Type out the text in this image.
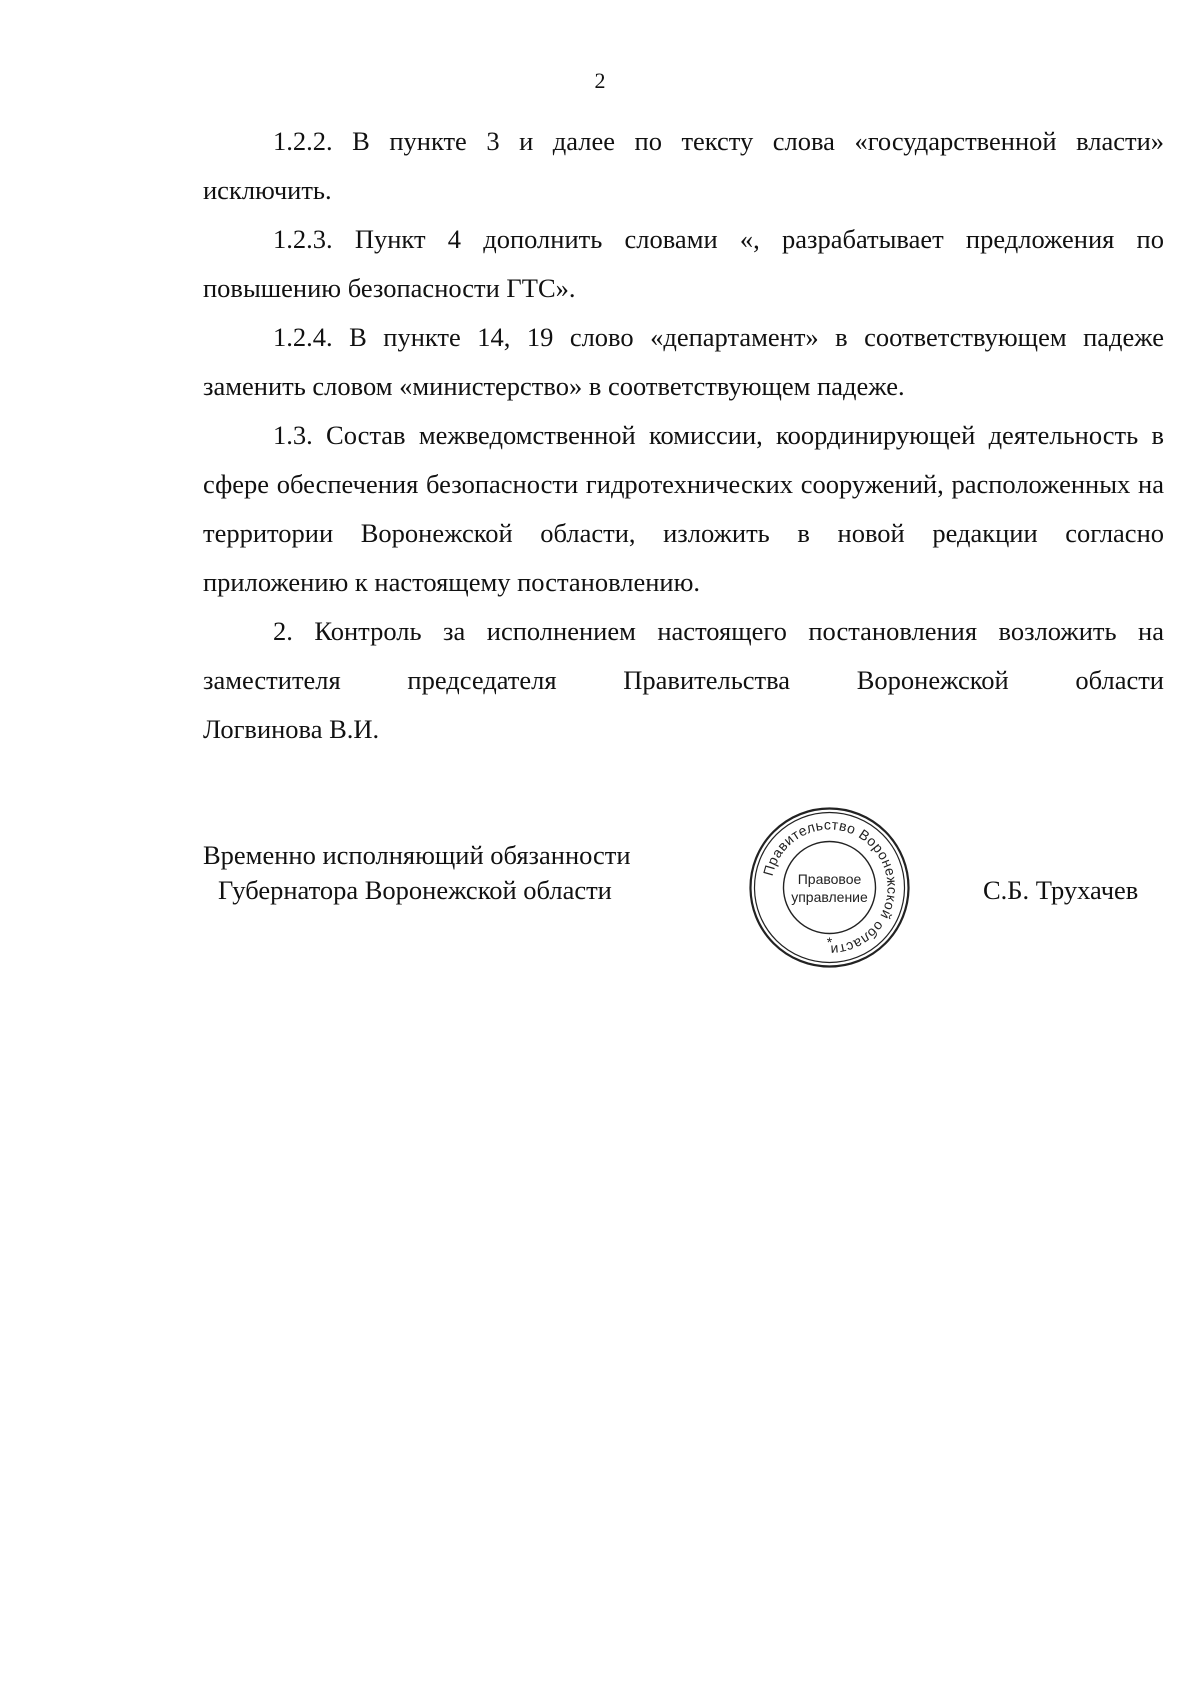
2

1.2.2. В пункте 3 и далее по тексту слова «государственной власти» исключить.

1.2.3. Пункт 4 дополнить словами «, разрабатывает предложения по повышению безопасности ГТС».

1.2.4. В пункте 14, 19 слово «департамент» в соответствующем падеже заменить словом «министерство» в соответствующем падеже.

1.3. Состав межведомственной комиссии, координирующей деятельность в сфере обеспечения безопасности гидротехнических сооружений, расположенных на территории Воронежской области, изложить в новой редакции согласно приложению к настоящему постановлению.

2. Контроль за исполнением настоящего постановления возложить на заместителя председателя Правительства Воронежской области

Логвинова В.И.

Временно исполняющий обязанности
Губернатора Воронежской области
Правительство Воронежской области
*
Правовое
управление	С.Б. Трухачев
